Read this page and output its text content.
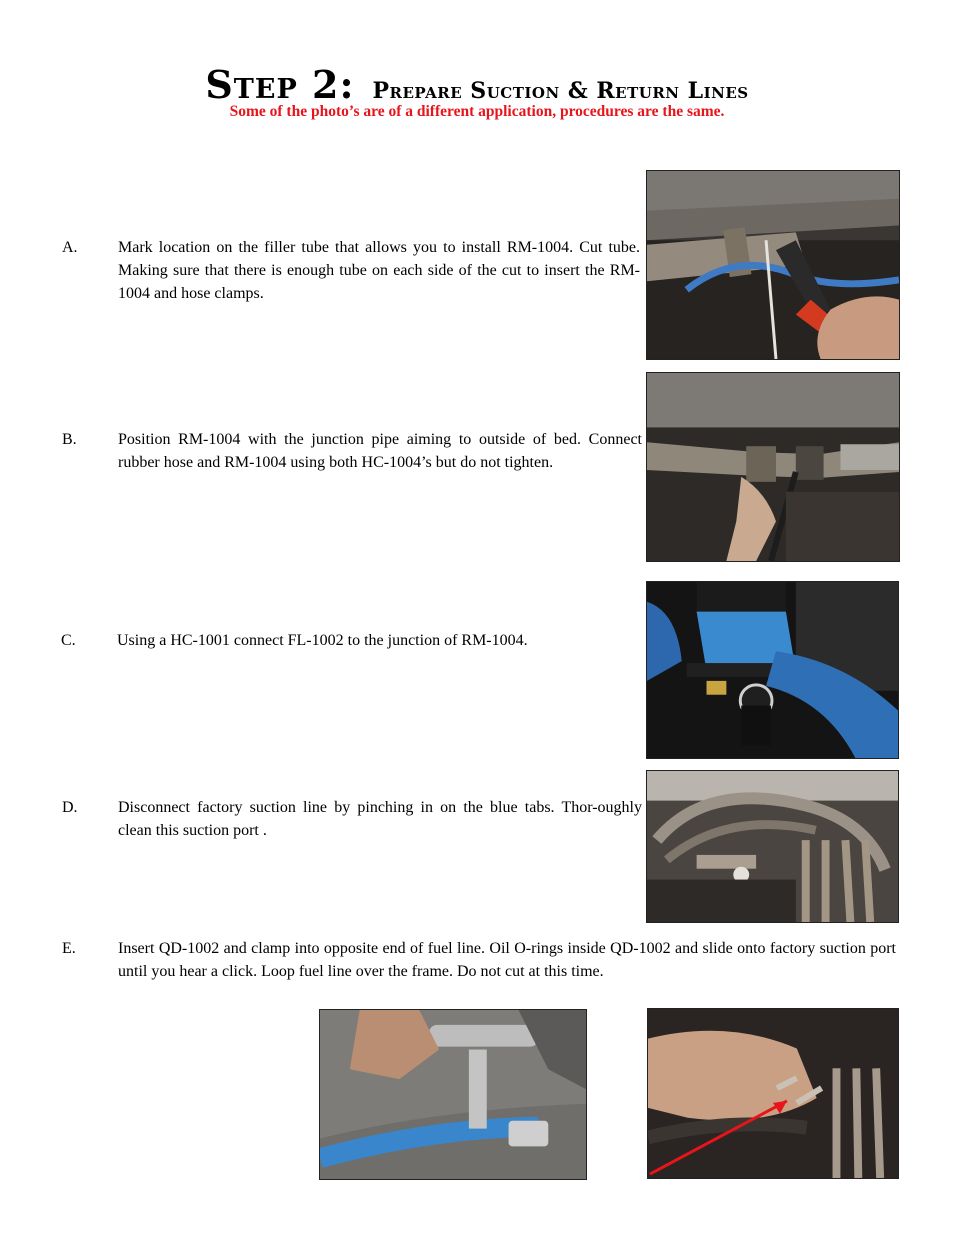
Step 2: Prepare Suction & Return Lines
Some of the photo’s are of a different application, procedures are the same.
A.	Mark location on the filler tube that allows you to install RM-1004. Cut tube. Making sure that there is enough tube on each side of the cut to insert the RM-1004 and hose clamps.
B.	Position RM-1004 with the junction pipe aiming to outside of bed. Connect rubber hose and RM-1004 using both HC-1004’s but do not tighten.
C.	Using a HC-1001 connect FL-1002 to the junction of RM-1004.
D.	Disconnect factory suction line by pinching in on the blue tabs. Thor-oughly clean this suction port .
E.	Insert QD-1002 and clamp into opposite end of fuel line. Oil O-rings inside QD-1002 and slide onto factory suction port until you hear a click. Loop fuel line over the frame. Do not cut at this time.
